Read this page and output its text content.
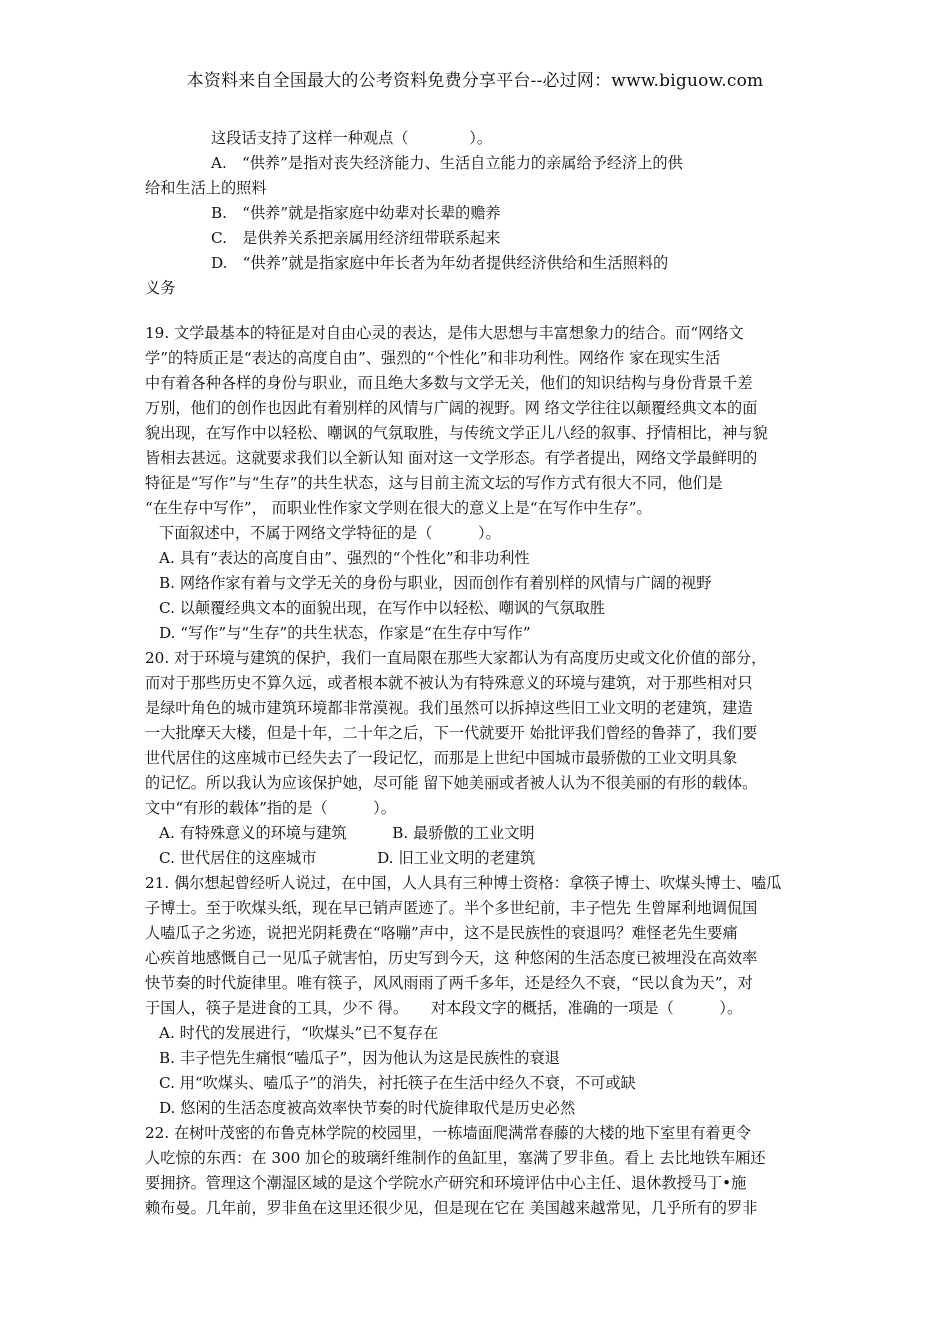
本资料来自全国最大的公考资料免费分享平台--必过网：www.biguow.com
这段话支持了这样一种观点（　　　　）。
A.　“供养”是指对丧失经济能力、生活自立能力的亲属给予经济上的供
给和生活上的照料
B.　“供养”就是指家庭中幼辈对长辈的赡养
C.　是供养关系把亲属用经济纽带联系起来
D.　“供养”就是指家庭中年长者为年幼者提供经济供给和生活照料的
义务
19. 文学最基本的特征是对自由心灵的表达，是伟大思想与丰富想象力的结合。而“网络文
学”的特质正是“表达的高度自由”、强烈的“个性化”和非功利性。网络作 家在现实生活
中有着各种各样的身份与职业，而且绝大多数与文学无关，他们的知识结构与身份背景千差
万别，他们的创作也因此有着别样的风情与广阔的视野。网 络文学往往以颠覆经典文本的面
貌出现，在写作中以轻松、嘲讽的气氛取胜，与传统文学正儿八经的叙事、抒情相比，神与貌
皆相去甚远。这就要求我们以全新认知 面对这一文学形态。有学者提出，网络文学最鲜明的
特征是“写作”与“生存”的共生状态，这与目前主流文坛的写作方式有很大不同，他们是
“在生存中写作”， 而职业性作家文学则在很大的意义上是“在写作中生存”。
下面叙述中，不属于网络文学特征的是（　　　）。
A. 具有“表达的高度自由”、强烈的“个性化”和非功利性
B. 网络作家有着与文学无关的身份与职业，因而创作有着别样的风情与广阔的视野
C. 以颠覆经典文本的面貌出现，在写作中以轻松、嘲讽的气氛取胜
D. “写作”与“生存”的共生状态，作家是“在生存中写作”
20. 对于环境与建筑的保护，我们一直局限在那些大家都认为有高度历史或文化价值的部分，
而对于那些历史不算久远，或者根本就不被认为有特殊意义的环境与建筑，对于那些相对只
是绿叶角色的城市建筑环境都非常漠视。我们虽然可以拆掉这些旧工业文明的老建筑，建造
一大批摩天大楼，但是十年，二十年之后，下一代就要开 始批评我们曾经的鲁莽了，我们要
世代居住的这座城市已经失去了一段记忆，而那是上世纪中国城市最骄傲的工业文明具象
的记忆。所以我认为应该保护她，尽可能 留下她美丽或者被人认为不很美丽的有形的载体。
文中“有形的载体”指的是（　　　）。
A. 有特殊意义的环境与建筑　　　B. 最骄傲的工业文明
C. 世代居住的这座城市　　　　D. 旧工业文明的老建筑
21. 偶尔想起曾经听人说过，在中国，人人具有三种博士资格：拿筷子博士、吹煤头博士、嗑瓜
子博士。至于吹煤头纸，现在早已销声匿迹了。半个多世纪前，丰子恺先 生曾犀利地调侃国
人嗑瓜子之劣迹，说把光阴耗费在“咯嘣”声中，这不是民族性的衰退吗？难怪老先生要痛
心疾首地感慨自己一见瓜子就害怕，历史写到今天，这 种悠闲的生活态度已被埋没在高效率
快节奏的时代旋律里。唯有筷子，风风雨雨了两千多年，还是经久不衰，“民以食为天”，对
于国人，筷子是进食的工具，少不 得。　　对本段文字的概括，准确的一项是（　　　）。
A. 时代的发展进行，“吹煤头”已不复存在
B. 丰子恺先生痛恨“嗑瓜子”，因为他认为这是民族性的衰退
C. 用“吹煤头、嗑瓜子”的消失，衬托筷子在生活中经久不衰，不可或缺
D. 悠闲的生活态度被高效率快节奏的时代旋律取代是历史必然
22. 在树叶茂密的布鲁克林学院的校园里，一栋墙面爬满常春藤的大楼的地下室里有着更令
人吃惊的东西：在 300 加仑的玻璃纤维制作的鱼缸里，塞满了罗非鱼。看上 去比地铁车厢还
要拥挤。管理这个潮湿区域的是这个学院水产研究和环境评估中心主任、退休教授马丁•施
赖布曼。几年前，罗非鱼在这里还很少见，但是现在它在 美国越来越常见，几乎所有的罗非
